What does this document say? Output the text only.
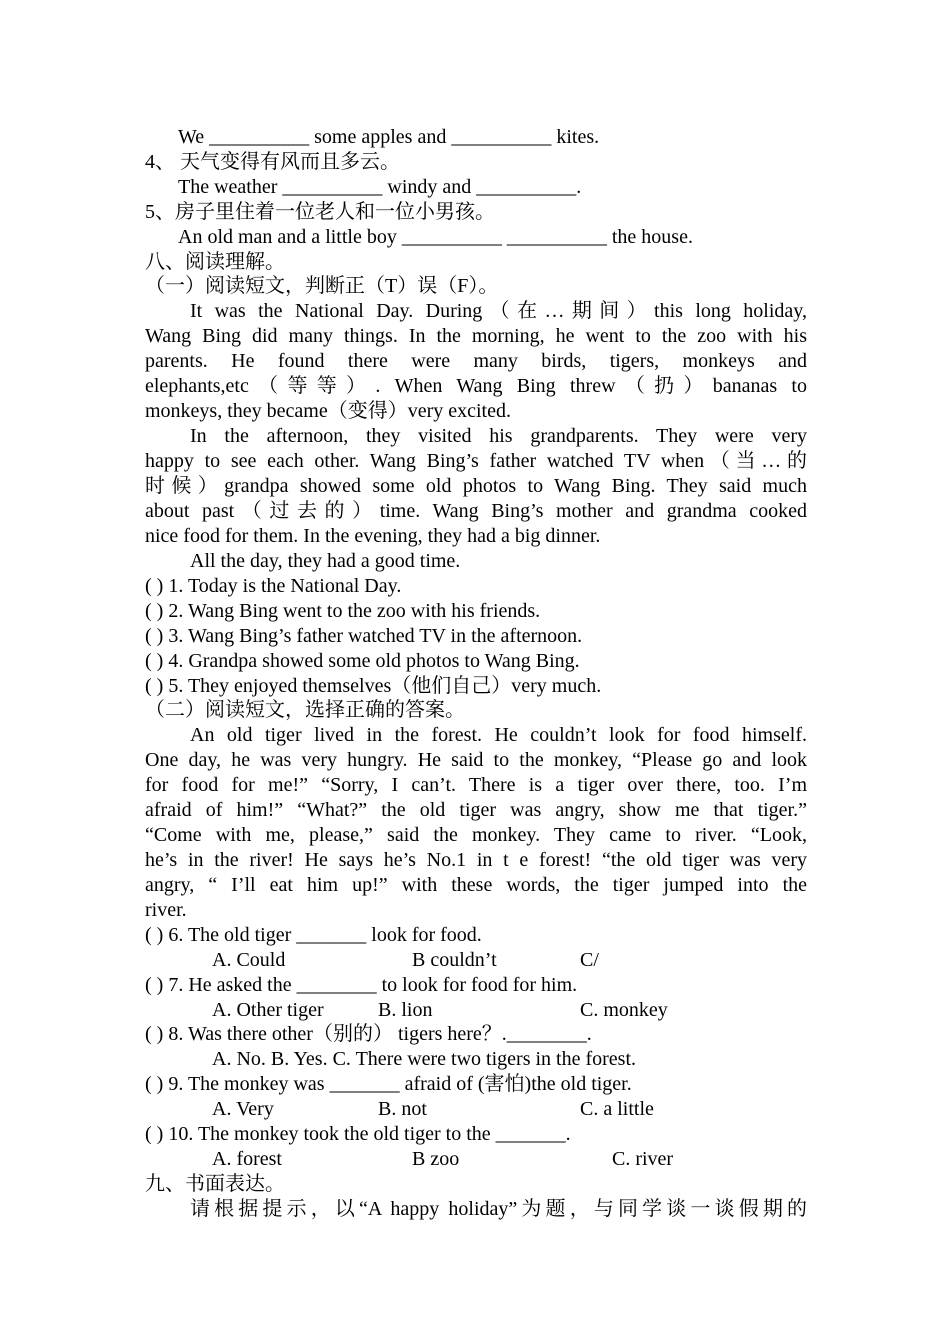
We __________ some apples and __________ kites.

4、 天气变得有风而且多云。

The weather __________ windy and __________.

5、房子里住着一位老人和一位小男孩。

An old man and a little boy __________ __________ the house.

八、阅读理解。

（一）阅读短文，判断正（T）误（F）。

It was the National Day. During（在…期间）this long holiday,

Wang Bing did many things. In the morning, he went to the zoo with his

parents. He found there were many birds, tigers, monkeys and

elephants,etc（等等）. When Wang Bing threw（扔）bananas to

monkeys, they became（变得）very excited.

In the afternoon, they visited his grandparents. They were very

happy to see each other. Wang Bing’s father watched TV when（当…的

时候）grandpa showed some old photos to Wang Bing. They said much

about past（过去的）time. Wang Bing’s mother and grandma cooked

nice food for them. In the evening, they had a big dinner.

All the day, they had a good time.

( ) 1. Today is the National Day.

( ) 2. Wang Bing went to the zoo with his friends.

( ) 3. Wang Bing’s father watched TV in the afternoon.

( ) 4. Grandpa showed some old photos to Wang Bing.

( ) 5. They enjoyed themselves（他们自己）very much.

（二）阅读短文，选择正确的答案。

An old tiger lived in the forest. He couldn’t look for food himself.

One day, he was very hungry. He said to the monkey, “Please go and look

for food for me!” “Sorry, I can’t. There is a tiger over there, too. I’m

afraid of him!” “What?” the old tiger was angry, show me that tiger.”

“Come with me, please,” said the monkey. They came to river. “Look,

he’s in the river! He says he’s No.1 in t e forest! “the old tiger was very

angry, “ I’ll eat him up!” with these words, the tiger jumped into the

river.

( ) 6. The old tiger _______ look for food.

A. Could	B couldn’t	C/

( ) 7. He asked the ________ to look for food for him.

A. Other tiger	B. lion	C. monkey

( ) 8. Was there other（别的） tigers here？.________.

A. No. B. Yes. C. There were two tigers in the forest.

( ) 9. The monkey was _______ afraid of (害怕)the old tiger.

A. Very	B. not	C. a little

( ) 10. The monkey took the old tiger to the _______.

A. forest	B zoo	C. river

九、书面表达。

请根据提示，以“A happy holiday”为题，与同学谈一谈假期的
